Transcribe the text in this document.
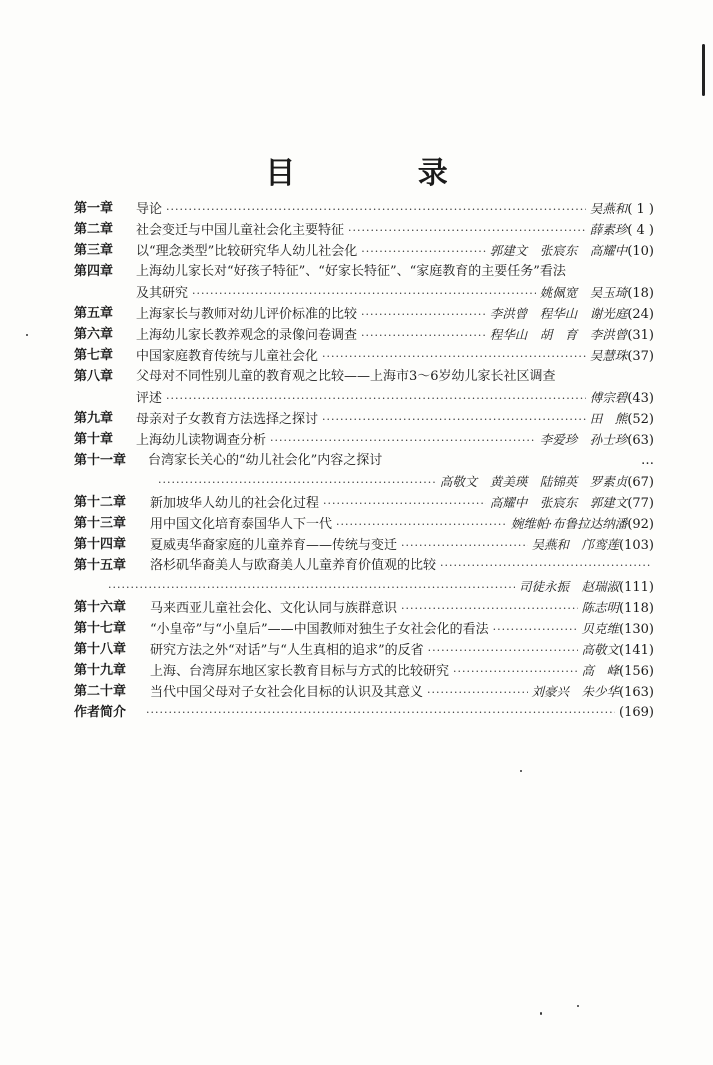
目 录
第一章 导论 ·····	吴燕和 ( 1 )
第二章 社会变迁与中国儿童社会化主要特征 ·····	薛素珍 ( 4 )
第三章 以“理念类型”比较研究华人幼儿社会化 ·····	郭建文　张宸东　高耀中 (10)
第四章 上海幼儿家长对“好孩子特征”、“好家长特征”、“家庭教育的主要任务”看法
及其研究 ·····	姚佩宽　吴玉琦 (18)
第五章 上海家长与教师对幼儿评价标准的比较 ·····	李洪曾　程华山　谢光庭 (24)
第六章 上海幼儿家长教养观念的录像问卷调查 ·····	程华山　胡　育　李洪曾 (31)
第七章 中国家庭教育传统与儿童社会化 ·····	吴慧珠 (37)
第八章 父母对不同性别儿童的教育观之比较——上海市3～6岁幼儿家长社区调查
评述 ·····	傅宗碧 (43)
第九章 母亲对子女教育方法选择之探讨 ·····	田　熊 (52)
第十章 上海幼儿读物调查分析 ·····	李爱珍　孙士珍 (63)
第十一章 台湾家长关心的“幼儿社会化”内容之探讨	…
·····
高敬文　黄美瑛　陆锦英　罗素贞 (67)
第十二章 新加坡华人幼儿的社会化过程 ·····	高耀中　张宸东　郭建文 (77)
第十三章 用中国文化培育泰国华人下一代 ·····	婉维帕·布鲁拉达纳潘 (92)
第十四章 夏威夷华裔家庭的儿童养育——传统与变迁 ·····	吴燕和　邝鸾莲 (103)
第十五章 洛杉矶华裔美人与欧裔美人儿童养育价值观的比较
·····
·····
司徒永振　赵瑞淑 (111)
第十六章 马来西亚儿童社会化、文化认同与族群意识 ·····	陈志明 (118)
第十七章 “小皇帝”与“小皇后”——中国教师对独生子女社会化的看法 ·····	贝克维 (130)
第十八章 研究方法之外“对话”与“人生真相的追求”的反省 ·····	高敬文 (141)
第十九章 上海、台湾屏东地区家长教育目标与方式的比较研究 ·····	高　峰 (156)
第二十章 当代中国父母对子女社会化目标的认识及其意义 ·····	刘豪兴　朱少华 (163)
作者简介 ·····	(169)
